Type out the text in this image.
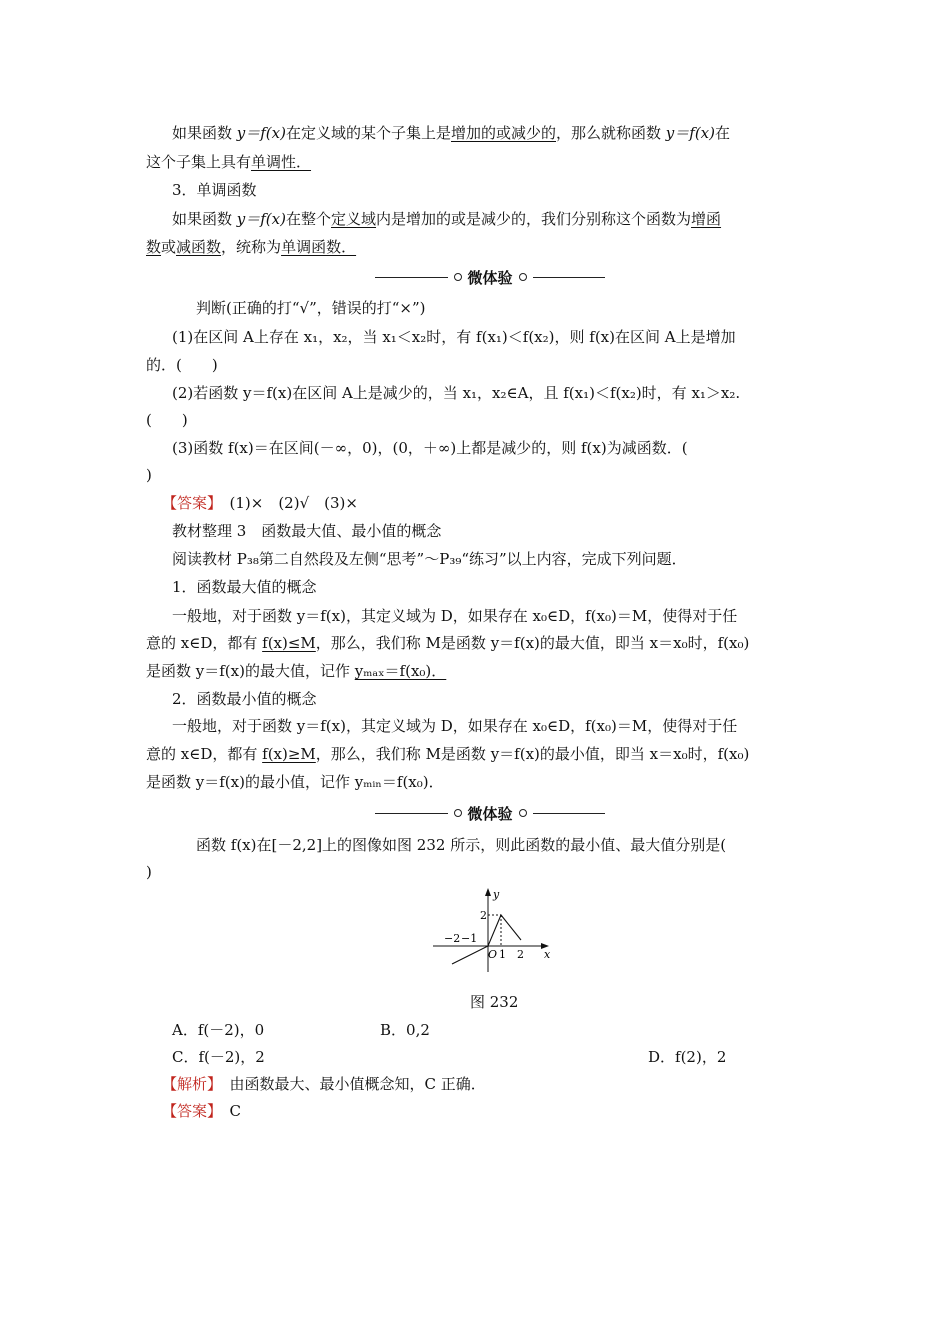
如果函数 y＝f(x)在定义域的某个子集上是增加的或减少的，那么就称函数 y＝f(x)在
这个子集上具有单调性．
3．单调函数
如果函数 y＝f(x)在整个定义域内是增加的或是减少的，我们分别称这个函数为增函
数或减函数，统称为单调函数．
微体验
判断(正确的打“√”，错误的打“×”)
(1)在区间 A上存在 x₁，x₂，当 x₁＜x₂时，有 f(x₁)＜f(x₂)，则 f(x)在区间 A上是增加
的．(　　)
(2)若函数 y＝f(x)在区间 A上是减少的，当 x₁，x₂∈A，且 f(x₁)＜f(x₂)时，有 x₁＞x₂.
(　　)
(3)函数 f(x)＝在区间(－∞，0)，(0，＋∞)上都是减少的，则 f(x)为减函数．(
)
【答案】　(1)×　(2)√　(3)×
教材整理 3　函数最大值、最小值的概念
阅读教材 P₃₈第二自然段及左侧“思考”～P₃₉“练习”以上内容，完成下列问题．
1．函数最大值的概念
一般地，对于函数 y＝f(x)，其定义域为 D，如果存在 x₀∈D，f(x₀)＝M，使得对于任
意的 x∈D，都有 f(x)≤M，那么，我们称 M是函数 y＝f(x)的最大值，即当 x＝x₀时，f(x₀)
是函数 y＝f(x)的最大值，记作 yₘₐₓ＝f(x₀)．
2．函数最小值的概念
一般地，对于函数 y＝f(x)，其定义域为 D，如果存在 x₀∈D，f(x₀)＝M，使得对于任
意的 x∈D，都有 f(x)≥M，那么，我们称 M是函数 y＝f(x)的最小值，即当 x＝x₀时，f(x₀)
是函数 y＝f(x)的最小值，记作 yₘᵢₙ＝f(x₀)．
微体验
函数 f(x)在[－2,2]上的图像如图 232 所示，则此函数的最小值、最大值分别是(
)
y
x
2
−2 −1
O 1 2
图 232
A．f(－2)，0	B．0,2
C．f(－2)，2	D．f(2)，2
【解析】　由函数最大、最小值概念知，C 正确．
【答案】　C
